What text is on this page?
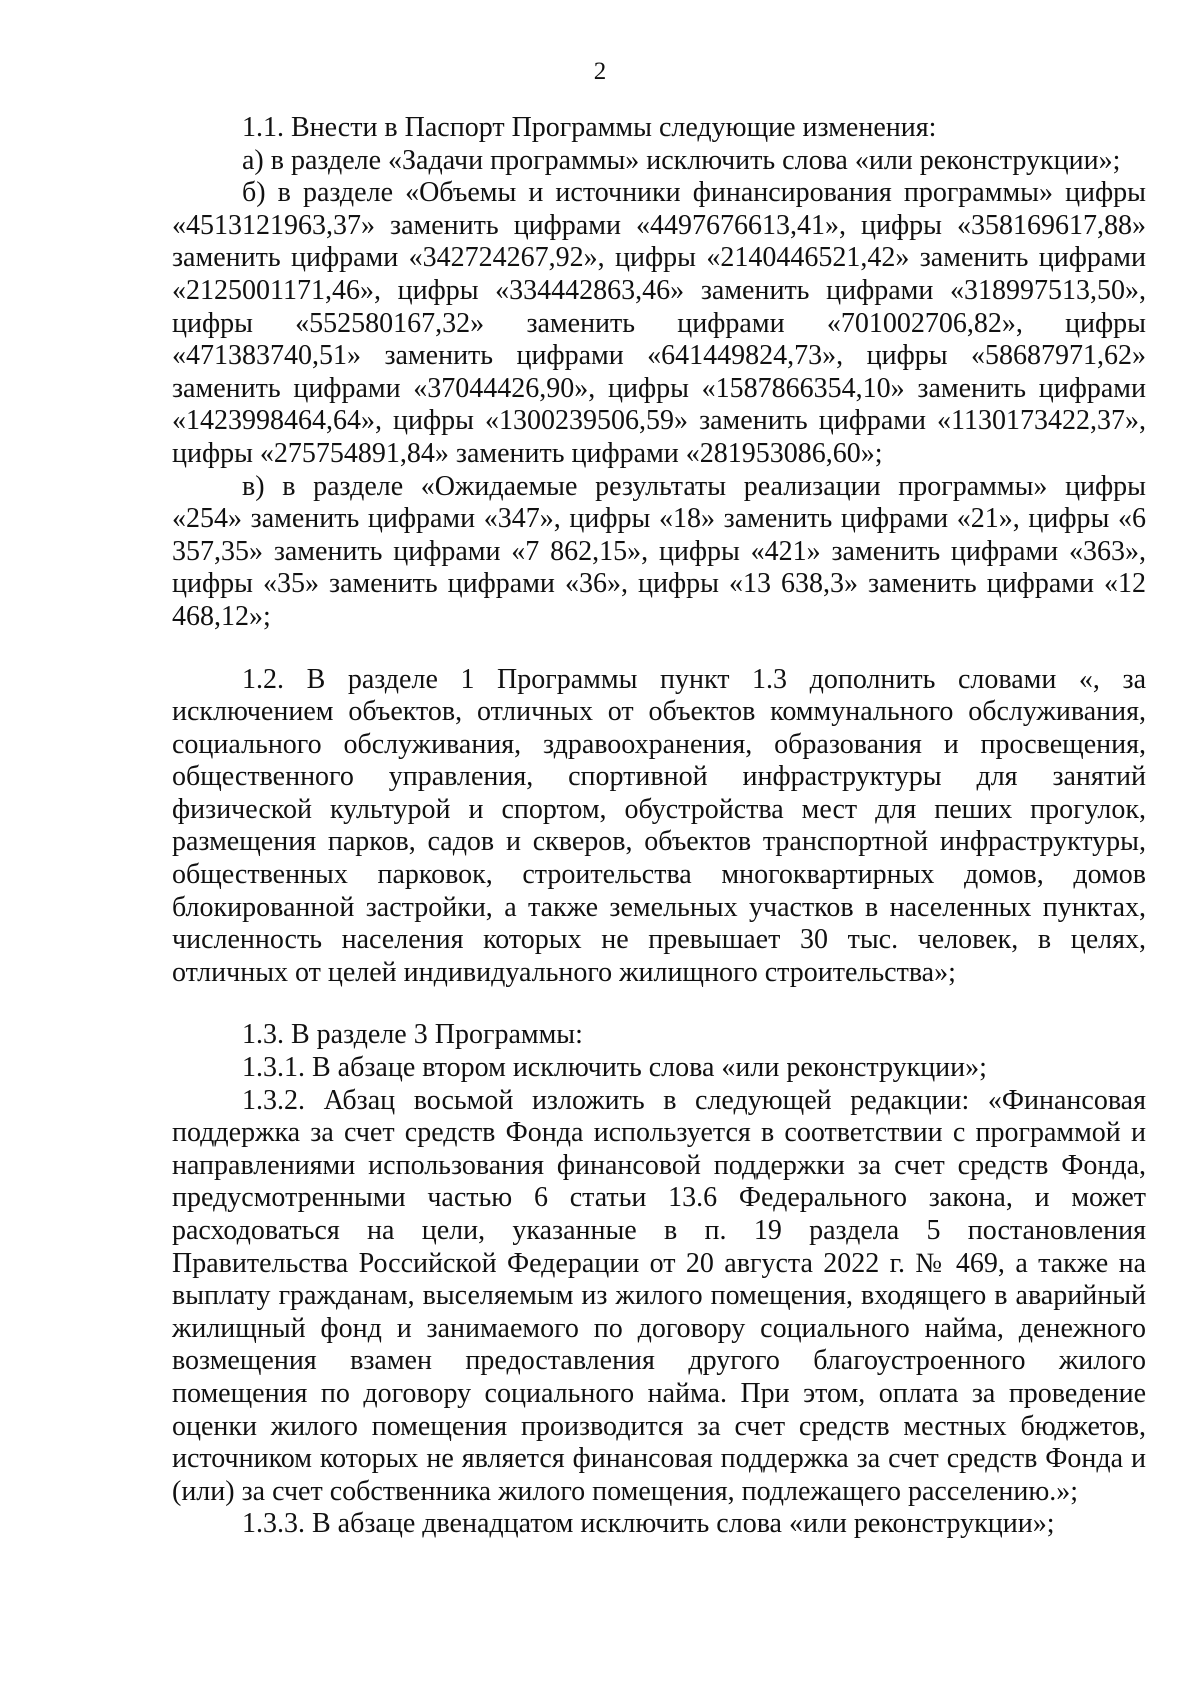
2

1.1. Внести в Паспорт Программы следующие изменения:

а) в разделе «Задачи программы» исключить слова «или реконструкции»;

б) в разделе «Объемы и источники финансирования программы» цифры «4513121963,37» заменить цифрами «4497676613,41», цифры «358169617,88» заменить цифрами «342724267,92», цифры «2140446521,42» заменить цифрами «2125001171,46», цифры «334442863,46» заменить цифрами «318997513,50», цифры «552580167,32» заменить цифрами «701002706,82», цифры «471383740,51» заменить цифрами «641449824,73», цифры «58687971,62» заменить цифрами «37044426,90», цифры «1587866354,10» заменить цифрами «1423998464,64», цифры «1300239506,59» заменить цифрами «1130173422,37», цифры «275754891,84» заменить цифрами «281953086,60»;

в) в разделе «Ожидаемые результаты реализации программы» цифры «254» заменить цифрами «347», цифры «18» заменить цифрами «21», цифры «6 357,35» заменить цифрами «7 862,15», цифры «421» заменить цифрами «363», цифры «35» заменить цифрами «36», цифры «13 638,3» заменить цифрами «12 468,12»;

1.2. В разделе 1 Программы пункт 1.3 дополнить словами «, за исключением объектов, отличных от объектов коммунального обслуживания, социального обслуживания, здравоохранения, образования и просвещения, общественного управления, спортивной инфраструктуры для занятий физической культурой и спортом, обустройства мест для пеших прогулок, размещения парков, садов и скверов, объектов транспортной инфраструктуры, общественных парковок, строительства многоквартирных домов, домов блокированной застройки, а также земельных участков в населенных пунктах, численность населения которых не превышает 30 тыс. человек, в целях, отличных от целей индивидуального жилищного строительства»;

1.3. В разделе 3 Программы:

1.3.1. В абзаце втором исключить слова «или реконструкции»;

1.3.2. Абзац восьмой изложить в следующей редакции: «Финансовая поддержка за счет средств Фонда используется в соответствии с программой и направлениями использования финансовой поддержки за счет средств Фонда, предусмотренными частью 6 статьи 13.6 Федерального закона, и может расходоваться на цели, указанные в п. 19 раздела 5 постановления Правительства Российской Федерации от 20 августа 2022 г. № 469, а также на выплату гражданам, выселяемым из жилого помещения, входящего в аварийный жилищный фонд и занимаемого по договору социального найма, денежного возмещения взамен предоставления другого благоустроенного жилого помещения по договору социального найма. При этом, оплата за проведение оценки жилого помещения производится за счет средств местных бюджетов, источником которых не является финансовая поддержка за счет средств Фонда и (или) за счет собственника жилого помещения, подлежащего расселению.»;

1.3.3. В абзаце двенадцатом исключить слова «или реконструкции»;
